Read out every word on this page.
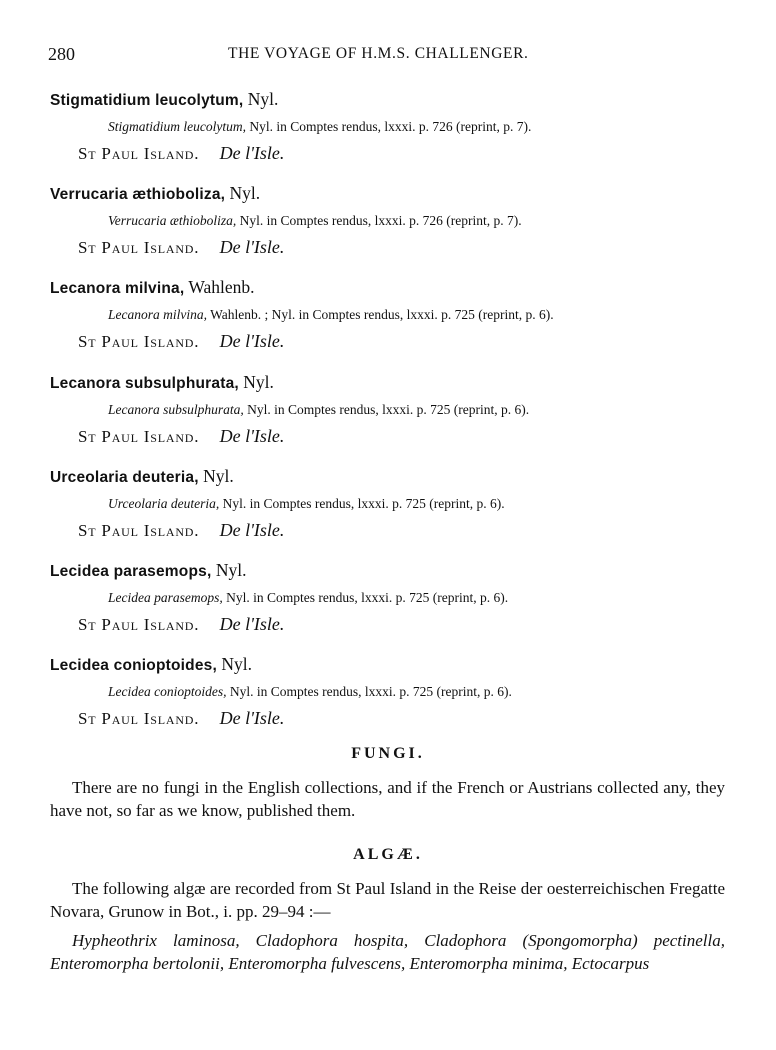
280	THE VOYAGE OF H.M.S. CHALLENGER.
Stigmatidium leucolytum, Nyl.
Stigmatidium leucolytum, Nyl. in Comptes rendus, lxxxi. p. 726 (reprint, p. 7).
St Paul Island. De l'Isle.
Verrucaria æthioboliza, Nyl.
Verrucaria æthioboliza, Nyl. in Comptes rendus, lxxxi. p. 726 (reprint, p. 7).
St Paul Island. De l'Isle.
Lecanora milvina, Wahlenb.
Lecanora milvina, Wahlenb. ; Nyl. in Comptes rendus, lxxxi. p. 725 (reprint, p. 6).
St Paul Island. De l'Isle.
Lecanora subsulphurata, Nyl.
Lecanora subsulphurata, Nyl. in Comptes rendus, lxxxi. p. 725 (reprint, p. 6).
St Paul Island. De l'Isle.
Urceolaria deuteria, Nyl.
Urceolaria deuteria, Nyl. in Comptes rendus, lxxxi. p. 725 (reprint, p. 6).
St Paul Island. De l'Isle.
Lecidea parasemops, Nyl.
Lecidea parasemops, Nyl. in Comptes rendus, lxxxi. p. 725 (reprint, p. 6).
St Paul Island. De l'Isle.
Lecidea conioptoides, Nyl.
Lecidea conioptoides, Nyl. in Comptes rendus, lxxxi. p. 725 (reprint, p. 6).
St Paul Island. De l'Isle.
FUNGI.
There are no fungi in the English collections, and if the French or Austrians collected any, they have not, so far as we know, published them.
ALGÆ.
The following algæ are recorded from St Paul Island in the Reise der oesterreichischen Fregatte Novara, Grunow in Bot., i. pp. 29–94 :—
Hypheothrix laminosa, Cladophora hospita, Cladophora (Spongomorpha) pectinella, Enteromorpha bertolonii, Enteromorpha fulvescens, Enteromorpha minima, Ectocarpus
